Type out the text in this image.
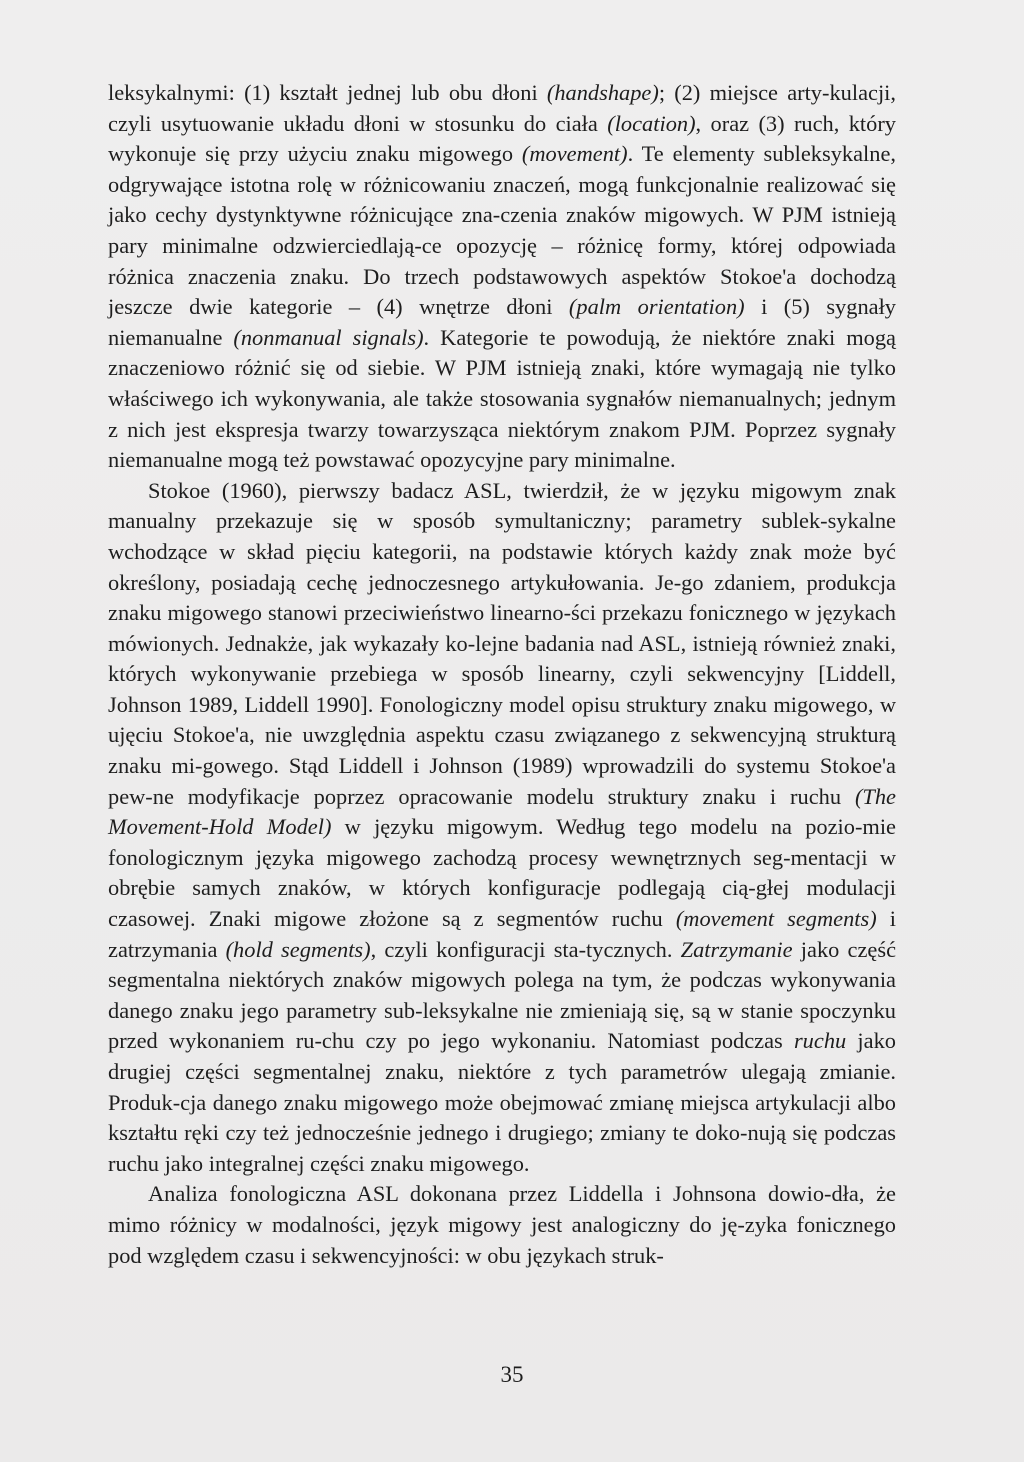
leksykalnymi: (1) kształt jednej lub obu dłoni (handshape); (2) miejsce arty-kulacji, czyli usytuowanie układu dłoni w stosunku do ciała (location), oraz (3) ruch, który wykonuje się przy użyciu znaku migowego (movement). Te elementy subleksykalne, odgrywające istotna rolę w różnicowaniu znaczeń, mogą funkcjonalnie realizować się jako cechy dystynktywne różnicujące zna-czenia znaków migowych. W PJM istnieją pary minimalne odzwierciedlają-ce opozycję – różnicę formy, której odpowiada różnica znaczenia znaku. Do trzech podstawowych aspektów Stokoe'a dochodzą jeszcze dwie kategorie – (4) wnętrze dłoni (palm orientation) i (5) sygnały niemanualne (nonmanual signals). Kategorie te powodują, że niektóre znaki mogą znaczeniowo różnić się od siebie. W PJM istnieją znaki, które wymagają nie tylko właściwego ich wykonywania, ale także stosowania sygnałów niemanualnych; jednym z nich jest ekspresja twarzy towarzysząca niektórym znakom PJM. Poprzez sygnały niemanualne mogą też powstawać opozycyjne pary minimalne.

Stokoe (1960), pierwszy badacz ASL, twierdził, że w języku migowym znak manualny przekazuje się w sposób symultaniczny; parametry sublek-sykalne wchodzące w skład pięciu kategorii, na podstawie których każdy znak może być określony, posiadają cechę jednoczesnego artykułowania. Je-go zdaniem, produkcja znaku migowego stanowi przeciwieństwo linearno-ści przekazu fonicznego w językach mówionych. Jednakże, jak wykazały ko-lejne badania nad ASL, istnieją również znaki, których wykonywanie przebiega w sposób linearny, czyli sekwencyjny [Liddell, Johnson 1989, Liddell 1990]. Fonologiczny model opisu struktury znaku migowego, w ujęciu Stokoe'a, nie uwzględnia aspektu czasu związanego z sekwencyjną strukturą znaku mi-gowego. Stąd Liddell i Johnson (1989) wprowadzili do systemu Stokoe'a pew-ne modyfikacje poprzez opracowanie modelu struktury znaku i ruchu (The Movement-Hold Model) w języku migowym. Według tego modelu na pozio-mie fonologicznym języka migowego zachodzą procesy wewnętrznych seg-mentacji w obrębie samych znaków, w których konfiguracje podlegają cią-głej modulacji czasowej. Znaki migowe złożone są z segmentów ruchu (movement segments) i zatrzymania (hold segments), czyli konfiguracji sta-tycznych. Zatrzymanie jako część segmentalna niektórych znaków migowych polega na tym, że podczas wykonywania danego znaku jego parametry sub-leksykalne nie zmieniają się, są w stanie spoczynku przed wykonaniem ru-chu czy po jego wykonaniu. Natomiast podczas ruchu jako drugiej części segmentalnej znaku, niektóre z tych parametrów ulegają zmianie. Produk-cja danego znaku migowego może obejmować zmianę miejsca artykulacji albo kształtu ręki czy też jednocześnie jednego i drugiego; zmiany te doko-nują się podczas ruchu jako integralnej części znaku migowego.

Analiza fonologiczna ASL dokonana przez Liddella i Johnsona dowio-dła, że mimo różnicy w modalności, język migowy jest analogiczny do ję-zyka fonicznego pod względem czasu i sekwencyjności: w obu językach struk-

35
